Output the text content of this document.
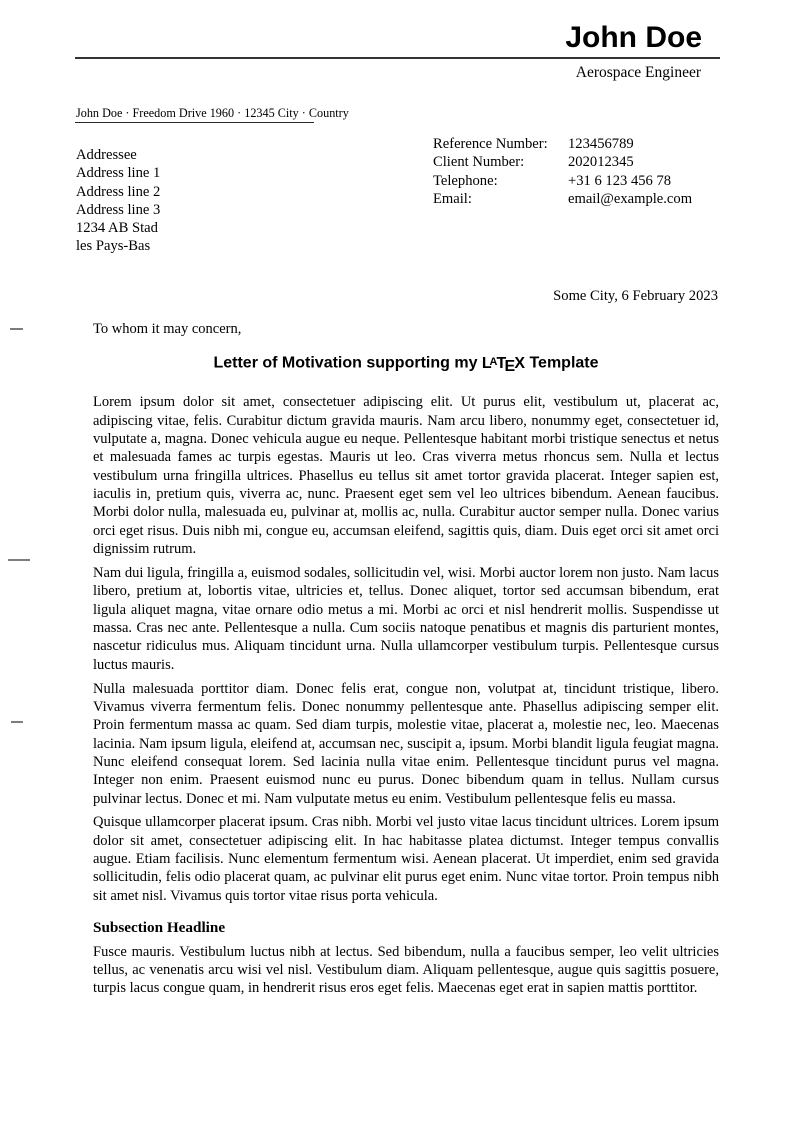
John Doe
Aerospace Engineer
John Doe · Freedom Drive 1960 · 12345 City · Country
Addressee
Address line 1
Address line 2
Address line 3
1234 AB Stad
les Pays-Bas
Reference Number:	123456789
Client Number:	202012345
Telephone:	+31 6 123 456 78
Email:	email@example.com
Some City, 6 February 2023

To whom it may concern,

Letter of Motivation supporting my LATEX Template

Lorem ipsum dolor sit amet, consectetuer adipiscing elit. Ut purus elit, vestibulum ut, placerat ac, adipiscing vitae, felis. Curabitur dictum gravida mauris. Nam arcu libero, nonummy eget, consectetuer id, vulputate a, magna. Donec vehicula augue eu neque. Pellentesque habitant morbi tristique senectus et netus et malesuada fames ac turpis egestas. Mauris ut leo. Cras viverra metus rhoncus sem. Nulla et lectus vestibulum urna fringilla ultrices. Phasellus eu tellus sit amet tortor gravida placerat. Integer sapien est, iaculis in, pretium quis, viverra ac, nunc. Praesent eget sem vel leo ultrices bibendum. Aenean faucibus. Morbi dolor nulla, malesuada eu, pulvinar at, mollis ac, nulla. Curabitur auctor semper nulla. Donec varius orci eget risus. Duis nibh mi, congue eu, accumsan eleifend, sagittis quis, diam. Duis eget orci sit amet orci dignissim rutrum.

Nam dui ligula, fringilla a, euismod sodales, sollicitudin vel, wisi. Morbi auctor lorem non justo. Nam lacus libero, pretium at, lobortis vitae, ultricies et, tellus. Donec aliquet, tortor sed accumsan bibendum, erat ligula aliquet magna, vitae ornare odio metus a mi. Morbi ac orci et nisl hendrerit mollis. Suspendisse ut massa. Cras nec ante. Pellentesque a nulla. Cum sociis natoque penatibus et magnis dis parturient montes, nascetur ridiculus mus. Aliquam tincidunt urna. Nulla ullamcorper vestibulum turpis. Pellentesque cursus luctus mauris.

Nulla malesuada porttitor diam. Donec felis erat, congue non, volutpat at, tincidunt tristique, libero. Vivamus viverra fermentum felis. Donec nonummy pellentesque ante. Phasellus adipiscing semper elit. Proin fermentum massa ac quam. Sed diam turpis, molestie vitae, placerat a, molestie nec, leo. Maecenas lacinia. Nam ipsum ligula, eleifend at, accumsan nec, suscipit a, ipsum. Morbi blandit ligula feugiat magna. Nunc eleifend consequat lorem. Sed lacinia nulla vitae enim. Pellentesque tincidunt purus vel magna. Integer non enim. Praesent euismod nunc eu purus. Donec bibendum quam in tellus. Nullam cursus pulvinar lectus. Donec et mi. Nam vulputate metus eu enim. Vestibulum pellentesque felis eu massa.

Quisque ullamcorper placerat ipsum. Cras nibh. Morbi vel justo vitae lacus tincidunt ultrices. Lorem ipsum dolor sit amet, consectetuer adipiscing elit. In hac habitasse platea dictumst. Integer tempus convallis augue. Etiam facilisis. Nunc elementum fermentum wisi. Aenean placerat. Ut imperdiet, enim sed gravida sollicitudin, felis odio placerat quam, ac pulvinar elit purus eget enim. Nunc vitae tortor. Proin tempus nibh sit amet nisl. Vivamus quis tortor vitae risus porta vehicula.

Subsection Headline

Fusce mauris. Vestibulum luctus nibh at lectus. Sed bibendum, nulla a faucibus semper, leo velit ultricies tellus, ac venenatis arcu wisi vel nisl. Vestibulum diam. Aliquam pellentesque, augue quis sagittis posuere, turpis lacus congue quam, in hendrerit risus eros eget felis. Maecenas eget erat in sapien mattis porttitor.
